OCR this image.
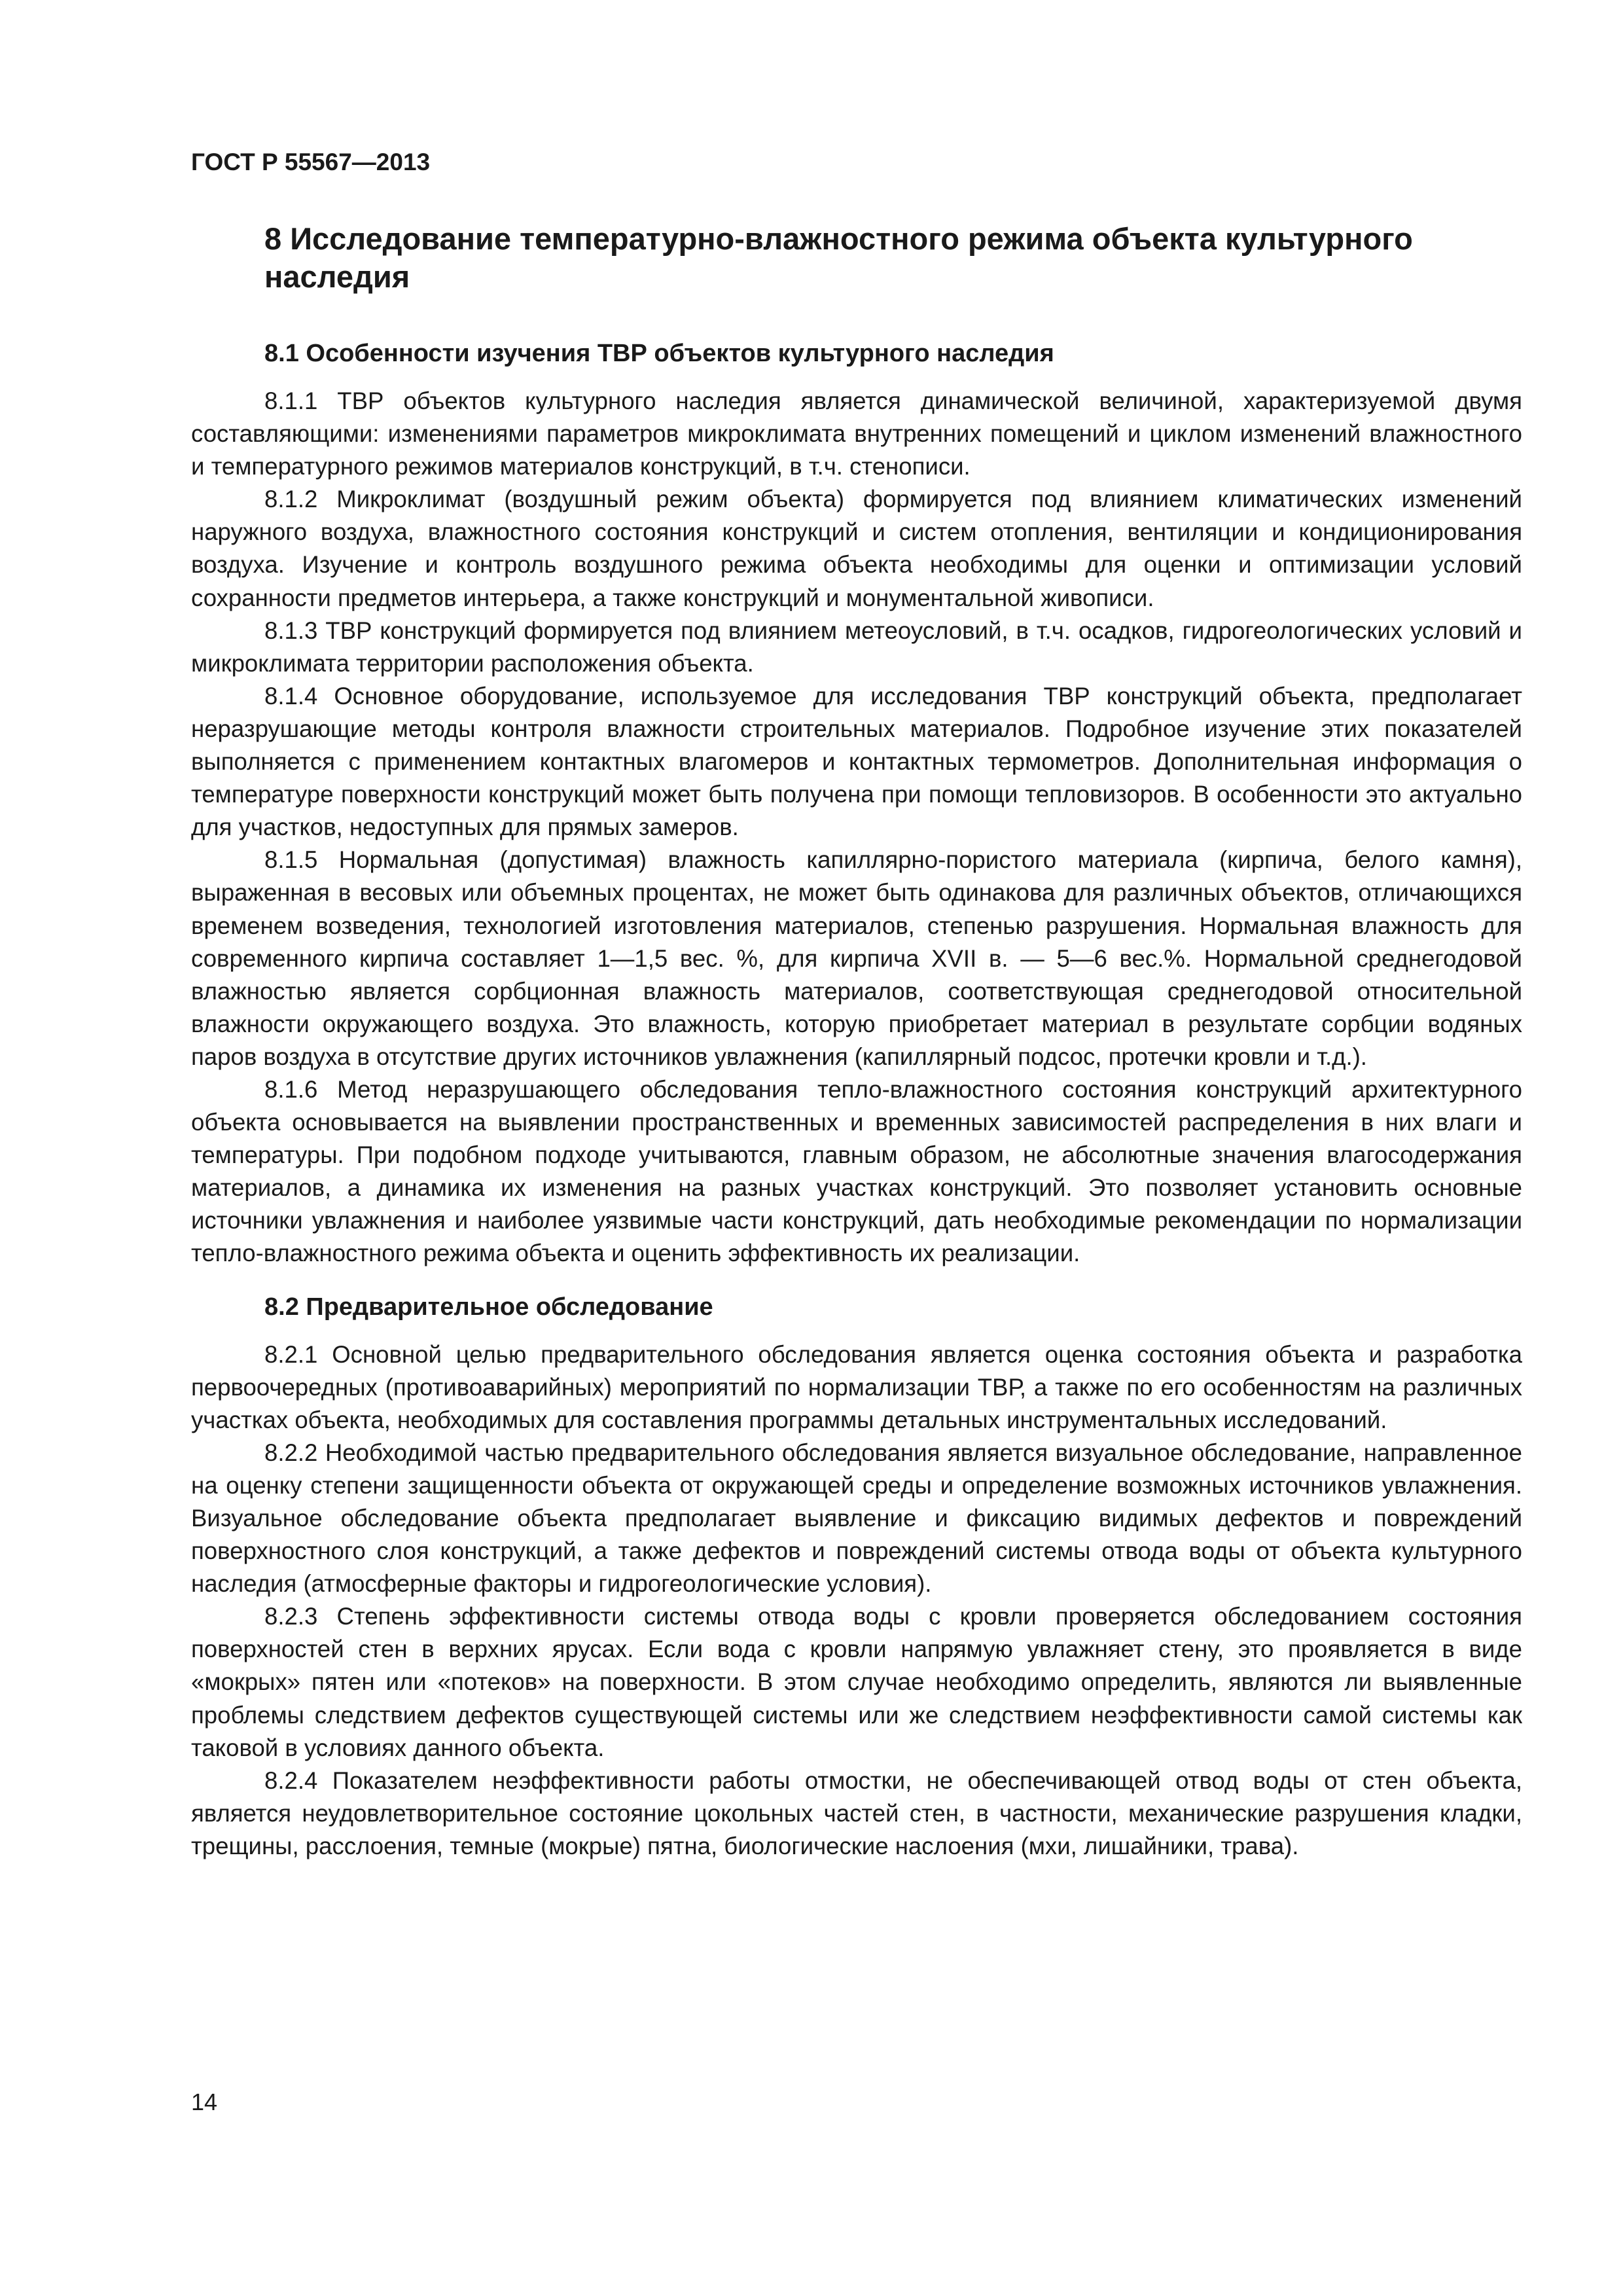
ГОСТ Р 55567—2013

8 Исследование температурно-влажностного режима объекта культурного наследия
8.1 Особенности изучения ТВР объектов культурного наследия

8.1.1 ТВР объектов культурного наследия является динамической величиной, характеризуемой двумя составляющими: изменениями параметров микроклимата внутренних помещений и циклом изменений влажностного и температурного режимов материалов конструкций, в т.ч. стенописи.

8.1.2 Микроклимат (воздушный режим объекта) формируется под влиянием климатических изменений наружного воздуха, влажностного состояния конструкций и систем отопления, вентиляции и кондиционирования воздуха. Изучение и контроль воздушного режима объекта необходимы для оценки и оптимизации условий сохранности предметов интерьера, а также конструкций и монументальной живописи.

8.1.3 ТВР конструкций формируется под влиянием метеоусловий, в т.ч. осадков, гидрогеологических условий и микроклимата территории расположения объекта.

8.1.4 Основное оборудование, используемое для исследования ТВР конструкций объекта, предполагает неразрушающие методы контроля влажности строительных материалов. Подробное изучение этих показателей выполняется с применением контактных влагомеров и контактных термометров. Дополнительная информация о температуре поверхности конструкций может быть получена при помощи тепловизоров. В особенности это актуально для участков, недоступных для прямых замеров.

8.1.5 Нормальная (допустимая) влажность капиллярно-пористого материала (кирпича, белого камня), выраженная в весовых или объемных процентах, не может быть одинакова для различных объектов, отличающихся временем возведения, технологией изготовления материалов, степенью разрушения. Нормальная влажность для современного кирпича составляет 1—1,5 вес. %, для кирпича XVII в. — 5—6 вес.%. Нормальной среднегодовой влажностью является сорбционная влажность материалов, соответствующая среднегодовой относительной влажности окружающего воздуха. Это влажность, которую приобретает материал в результате сорбции водяных паров воздуха в отсутствие других источников увлажнения (капиллярный подсос, протечки кровли и т.д.).

8.1.6 Метод неразрушающего обследования тепло-влажностного состояния конструкций архитектурного объекта основывается на выявлении пространственных и временных зависимостей распределения в них влаги и температуры. При подобном подходе учитываются, главным образом, не абсолютные значения влагосодержания материалов, а динамика их изменения на разных участках конструкций. Это позволяет установить основные источники увлажнения и наиболее уязвимые части конструкций, дать необходимые рекомендации по нормализации тепло-влажностного режима объекта и оценить эффективность их реализации.

8.2 Предварительное обследование

8.2.1 Основной целью предварительного обследования является оценка состояния объекта и разработка первоочередных (противоаварийных) мероприятий по нормализации ТВР, а также по его особенностям на различных участках объекта, необходимых для составления программы детальных инструментальных исследований.

8.2.2 Необходимой частью предварительного обследования является визуальное обследование, направленное на оценку степени защищенности объекта от окружающей среды и определение возможных источников увлажнения. Визуальное обследование объекта предполагает выявление и фиксацию видимых дефектов и повреждений поверхностного слоя конструкций, а также дефектов и повреждений системы отвода воды от объекта культурного наследия (атмосферные факторы и гидрогеологические условия).

8.2.3 Степень эффективности системы отвода воды с кровли проверяется обследованием состояния поверхностей стен в верхних ярусах. Если вода с кровли напрямую увлажняет стену, это проявляется в виде «мокрых» пятен или «потеков» на поверхности. В этом случае необходимо определить, являются ли выявленные проблемы следствием дефектов существующей системы или же следствием неэффективности самой системы как таковой в условиях данного объекта.

8.2.4 Показателем неэффективности работы отмостки, не обеспечивающей отвод воды от стен объекта, является неудовлетворительное состояние цокольных частей стен, в частности, механические разрушения кладки, трещины, расслоения, темные (мокрые) пятна, биологические наслоения (мхи, лишайники, трава).

14
